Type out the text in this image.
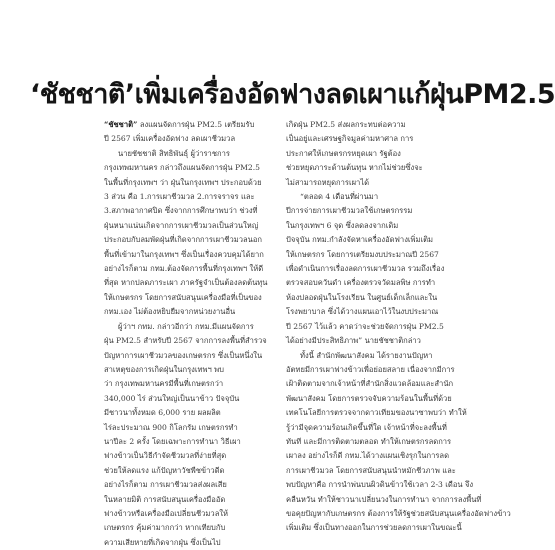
‘ชัชชาติ’เพิ่มเครื่องอัดฟางลดเผาแก้ฝุ่นPM2.5
“ชัชชาติ” ลงแผนจัดการฝุ่น PM2.5 เตรียมรับ
ปี 2567 เพิ่มเครื่องอัดฟาง ลดเผาชีวมวล
นายชัชชาติ สิทธิพันธุ์ ผู้ว่าราชการ
กรุงเทพมหานคร กล่าวถึงแผนจัดการฝุ่น PM2.5
ในพื้นที่กรุงเทพฯ ว่า ฝุ่นในกรุงเทพฯ ประกอบด้วย
3 ส่วน คือ 1.การเผาชีวมวล 2.การจราจร และ
3.สภาพอากาศปิด ซึ่งจากการศึกษาพบว่า ช่วงที่
ฝุ่นหนาแน่นเกิดจากการเผาชีวมวลเป็นส่วนใหญ่
ประกอบกับลมพัดฝุ่นที่เกิดจากการเผาชีวมวลนอก
พื้นที่เข้ามาในกรุงเทพฯ ซึ่งเป็นเรื่องควบคุมได้ยาก
อย่างไรก็ตาม กทม.ต้องจัดการพื้นที่กรุงเทพฯ ให้ดี
ที่สุด หากปลดภาระเผา ภาครัฐจำเป็นต้องลดต้นทุน
ให้เกษตรกร โดยการสนับสนุนเครื่องมือที่เป็นของ
กทม.เอง ไม่ต้องหยิบยืมจากหน่วยงานอื่น
ผู้ว่าฯ กทม. กล่าวอีกว่า กทม.มีแผนจัดการ
ฝุ่น PM2.5 สำหรับปี 2567 จากการลงพื้นที่สำรวจ
ปัญหาการเผาชีวมวลของเกษตรกร ซึ่งเป็นหนึ่งใน
สาเหตุของการเกิดฝุ่นในกรุงเทพฯ พบ
ว่า กรุงเทพมหานครมีพื้นที่เกษตรกว่า
340,000 ไร่ ส่วนใหญ่เป็นนาข้าว ปัจจุบัน
มีชาวนาทั้งหมด 6,000 ราย ผลผลิต
ไร่ละประมาณ 900 กิโลกรัม เกษตรกรทำ
นาปีละ 2 ครั้ง โดยเฉพาะการทำนา วิธีเผา
ฟางข้าวเป็นวิธีกำจัดชีวมวลที่ง่ายที่สุด
ช่วยให้ลดแรง แก้ปัญหาวัชพืชข้าวดีด
อย่างไรก็ตาม การเผาชีวมวลส่งผลเสีย
ในหลายมิติ การสนับสนุนเครื่องมืออัด
ฟางข้าวหรือเครื่องมือเปลี่ยนชีวมวลให้
เกษตรกร คุ้มค่ามากกว่า หากเทียบกับ
ความเสียหายที่เกิดจากฝุ่น ซึ่งเป็นไป
เกิดฝุ่น PM2.5 ส่งผลกระทบต่อความ
เป็นอยู่และเศรษฐกิจมูลค่ามหาศาล การ
ประกาศให้เกษตรกรหยุดเผา รัฐต้อง
ช่วยหยุดภาระด้านต้นทุน หากไม่ช่วยซึ่งจะ
ไม่สามารถหยุดการเผาได้
“ตลอด 4 เดือนที่ผ่านมา
ปีการจ่ายการเผาชีวมวลใช้เกษตรกรรม
ในกรุงเทพฯ 6 จุด ซึ่งลดลงจากเดิม
ปัจจุบัน กทม.กำลังจัดหาเครื่องอัดฟางเพิ่มเติม
ให้เกษตรกร โดยการเตรียมงบประมาณปี 2567
เพื่อดำเนินการเรื่องลดการเผาชีวมวล รวมถึงเรื่อง
ตรวจสอบควันดำ เครื่องตรวจวัดมลพิษ การทำ
ห้องปลอดฝุ่นในโรงเรียน ในศูนย์เด็กเล็กและใน
โรงพยาบาล ซึ่งได้วางแผนเอาไว้ในงบประมาณ
ปี 2567 ไว้แล้ว คาดว่าจะช่วยจัดการฝุ่น PM2.5
ได้อย่างมีประสิทธิภาพ” นายชัชชาติกล่าว
ทั้งนี้ สำนักพัฒนาสังคม ได้รายงานปัญหา
อัตทยมีการเผาฟางข้าวเพื่อย่อยสลาย เนื่องจากมีการ
เฝ้าติดตามจากเจ้าหน้าที่สำนักสิ่งแวดล้อมและสำนัก
พัฒนาสังคม โดยการตรวจจับความร้อนในพื้นที่ด้วย
เทคโนโลยีการตรวจจากดาวเทียมของนาซาพบว่า ทำให้
รู้ว่ามีจุดความร้อนเกิดขึ้นที่ใด เจ้าหน้าที่จะลงพื้นที่
ทันที และมีการติดตามตลอด ทำให้เกษตรกรลดการ
เผาลง อย่างไรก็ดี กทม.ได้วางแผนเชิงรุกในการลด
การเผาชีวมวล โดยการสนับสนุนนำหมักชีวภาพ และ
พบปัญหาคือ การนำพ่นบนผิวดินข้าวใช้เวลา 2-3 เดือน จึง
คลืนหวัน ทำให้ชาวนาเปลี่ยนวงในการทำนา จากการลงพื้นที่
ขอคุยปัญหากับเกษตรกร ต้องการให้รัฐช่วยสนับสนุนเครื่องอัดฟางข้าว
เพิ่มเติม ซึ่งเป็นทางออกในการช่วยลดการเผาในขณะนี้
